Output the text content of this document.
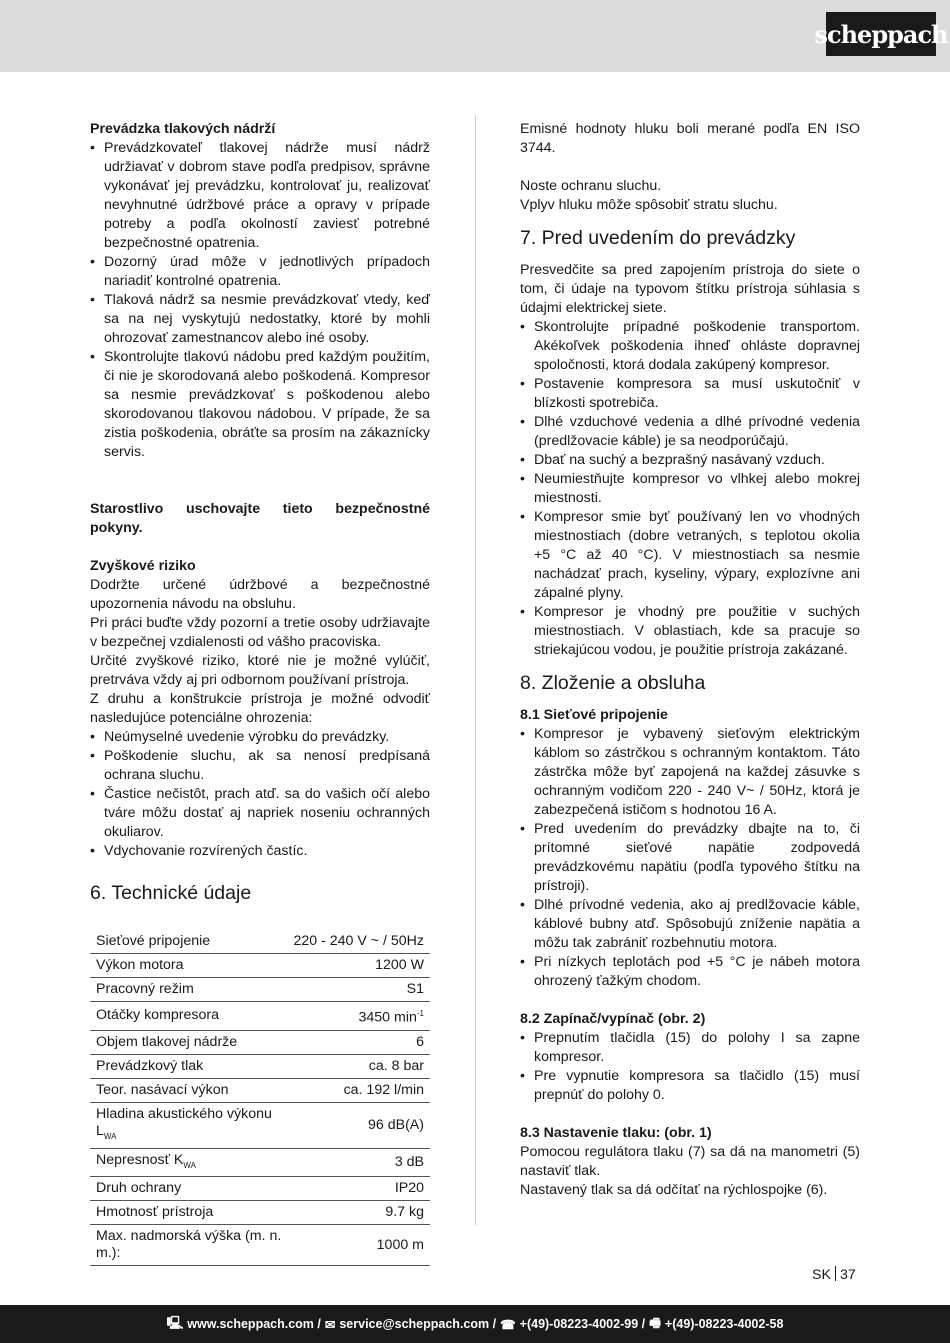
scheppach

Prevádzka tlakových nádrží

• Prevádzkovateľ tlakovej nádrže musí nádrž udržiavať v dobrom stave podľa predpisov, správne vykonávať jej prevádzku, kontrolovať ju, realizovať nevyhnutné údržbové práce a opravy v prípade potreby a podľa okolností zaviesť potrebné bezpečnostné opatrenia.
• Dozorný úrad môže v jednotlivých prípadoch nariadiť kontrolné opatrenia.
• Tlaková nádrž sa nesmie prevádzkovať vtedy, keď sa na nej vyskytujú nedostatky, ktoré by mohli ohrozovať zamestnancov alebo iné osoby.
• Skontrolujte tlakovú nádobu pred každým použitím, či nie je skorodovaná alebo poškodená. Kompresor sa nesmie prevádzkovať s poškodenou alebo skorodovanou tlakovou nádobou. V prípade, že sa zistia poškodenia, obráťte sa prosím na zákaznícky servis.

Starostlivo uschovajte tieto bezpečnostné pokyny.

Zvyškové riziko

Dodržte určené údržbové a bezpečnostné upozornenia návodu na obsluhu.

Pri práci buďte vždy pozorní a tretie osoby udržiavajte v bezpečnej vzdialenosti od vášho pracoviska.

Určité zvyškové riziko, ktoré nie je možné vylúčiť, pretrváva vždy aj pri odbornom používaní prístroja.

Z druhu a konštrukcie prístroja je možné odvodiť nasledujúce potenciálne ohrozenia:

• Neúmyselné uvedenie výrobku do prevádzky.
• Poškodenie sluchu, ak sa nenosí predpísaná ochrana sluchu.
• Častice nečistôt, prach atď. sa do vašich očí alebo tváre môžu dostať aj napriek noseniu ochranných okuliarov.
• Vdychovanie rozvírených častíc.
6. Technické údaje
Sieťové pripojenie	220 - 240 V ~ / 50Hz
Výkon motora	1200 W
Pracovný režim	S1
Otáčky kompresora	3450 $\min^{-1}$
Objem tlakovej nádrže	6
Prevádzkový tlak	ca. 8 bar
Teor. nasávací výkon	ca. 192 l/min
Hladina akustického výkonu $L_{WA}$	96 dB(A)
Nepresnosť $K_{WA}$	3 dB
Druh ochrany	IP20
Hmotnosť prístroja	9.7 kg
Max. nadmorská výška (m. n. m.):	1000 m

Emisné hodnoty hluku boli merané podľa EN ISO 3744.

Noste ochranu sluchu.

Vplyv hluku môže spôsobiť stratu sluchu.

7. Pred uvedením do prevádzky

Presvedčite sa pred zapojením prístroja do siete o tom, či údaje na typovom štítku prístroja súhlasia s údajmi elektrickej siete.

• Skontrolujte prípadné poškodenie transportom. Akékoľvek poškodenia ihneď ohláste dopravnej spoločnosti, ktorá dodala zakúpený kompresor.
• Postavenie kompresora sa musí uskutočniť v blízkosti spotrebiča.
• Dlhé vzduchové vedenia a dlhé prívodné vedenia (predlžovacie káble) je sa neodporúčajú.
• Dbať na suchý a bezprašný nasávaný vzduch.
• Neumiestňujte kompresor vo vlhkej alebo mokrej miestnosti.
• Kompresor smie byť používaný len vo vhodných miestnostiach (dobre vetraných, s teplotou okolia +5 °C až 40 °C). V miestnostiach sa nesmie nachádzať prach, kyseliny, výpary, explozívne ani zápalné plyny.
• Kompresor je vhodný pre použitie v suchých miestnostiach. V oblastiach, kde sa pracuje so striekajúcou vodou, je použitie prístroja zakázané.
8. Zloženie a obsluha

8.1 Sieťové pripojenie

• Kompresor je vybavený sieťovým elektrickým káblom so zástrčkou s ochranným kontaktom. Táto zástrčka môže byť zapojená na každej zásuvke s ochranným vodičom 220 - 240 V~ / 50Hz, ktorá je zabezpečená ističom s hodnotou 16 A.
• Pred uvedením do prevádzky dbajte na to, či prítomné sieťové napätie zodpovedá prevádzkovému napätiu (podľa typového štítku na prístroji).
• Dlhé prívodné vedenia, ako aj predlžovacie káble, káblové bubny atď. Spôsobujú zníženie napätia a môžu tak zabrániť rozbehnutiu motora.
• Pri nízkych teplotách pod +5 °C je nábeh motora ohrozený ťažkým chodom.

8.2 Zapínač/vypínač (obr. 2)

• Prepnutím tlačidla (15) do polohy I sa zapne kompresor.
• Pre vypnutie kompresora sa tlačidlo (15) musí prepnúť do polohy 0.

8.3 Nastavenie tlaku: (obr. 1)

Pomocou regulátora tlaku (7) sa dá na manometri (5) nastaviť tlak.

Nastavený tlak sa dá odčítať na rýchlospojke (6).

SK 37
🖳 www.scheppach.com / ✉ service@scheppach.com / ☎ +(49)-08223-4002-99 / 🖷 +(49)-08223-4002-58
